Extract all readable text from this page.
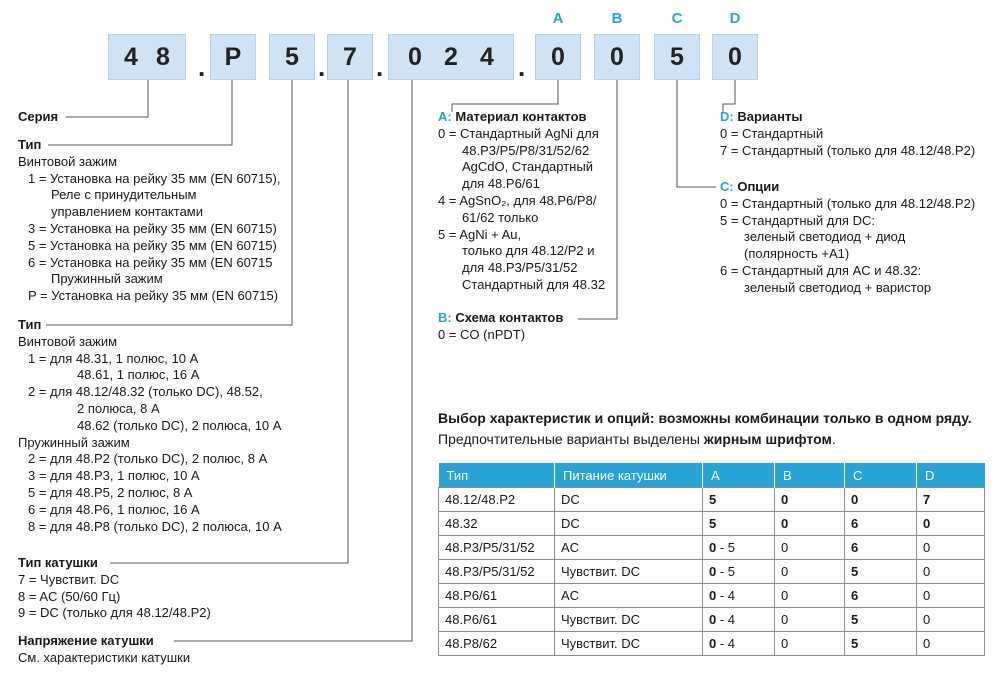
4 8 . P	5 . 7 . 0 2 4 .	0	0	5	0
A	B	C	D
Серия
Тип
Винтовой зажим
1 = Установка на рейку 35 мм (EN 60715),
Реле с принудительным
управлением контактами
3 = Установка на рейку 35 мм (EN 60715)
5 = Установка на рейку 35 мм (EN 60715)
6 = Установка на рейку 35 мм (EN 60715
Пружинный зажим
P = Установка на рейку 35 мм (EN 60715)
Тип
Винтовой зажим
1 = для 48.31, 1 полюс, 10 A
48.61, 1 полюс, 16 A
2 = для 48.12/48.32 (только DC), 48.52,
2 полюса, 8 A
48.62 (только DC), 2 полюса, 10 A
Пружинный зажим
2 = для 48.P2 (только DC), 2 полюс, 8 A
3 = для 48.P3, 1 полюс, 10 A
5 = для 48.P5, 2 полюс, 8 A
6 = для 48.P6, 1 полюс, 16 A
8 = для 48.P8 (только DC), 2 полюса, 10 A
Тип катушки
7 = Чувствит. DC
8 = AC (50/60 Гц)
9 = DC (только для 48.12/48.P2)
Напряжение катушки
См. характеристики катушки
A: Материал контактов
0 = Стандартный AgNi для
48.P3/P5/P8/31/52/62
AgCdO, Стандартный
для 48.P6/61
4 = AgSnO₂, для 48.P6/P8/
61/62 только
5 = AgNi + Au,
только для 48.12/P2 и
для 48.P3/P5/31/52
Стандартный для 48.32
B: Схема контактов
0 = CO (nPDT)
D: Варианты
0 = Стандартный
7 = Стандартный (только для 48.12/48.P2)
C: Опции
0 = Стандартный (только для 48.12/48.P2)
5 = Стандартный для DC:
зеленый светодиод + диод
(полярность +A1)
6 = Стандартный для AC и 48.32:
зеленый светодиод + варистор
Выбор характеристик и опций: возможны комбинации только в одном ряду.
Предпочтительные варианты выделены жирным шрифтом.
Тип	Питание катушки	A	B	C	D
48.12/48.P2	DC	5	0	0	7
48.32	DC	5	0	6	0
48.P3/P5/31/52	AC	0 - 5	0	6	0
48.P3/P5/31/52	Чувствит. DC	0 - 5	0	5	0
48.P6/61	AC	0 - 4	0	6	0
48.P6/61	Чувствит. DC	0 - 4	0	5	0
48.P8/62	Чувствит. DC	0 - 4	0	5	0
